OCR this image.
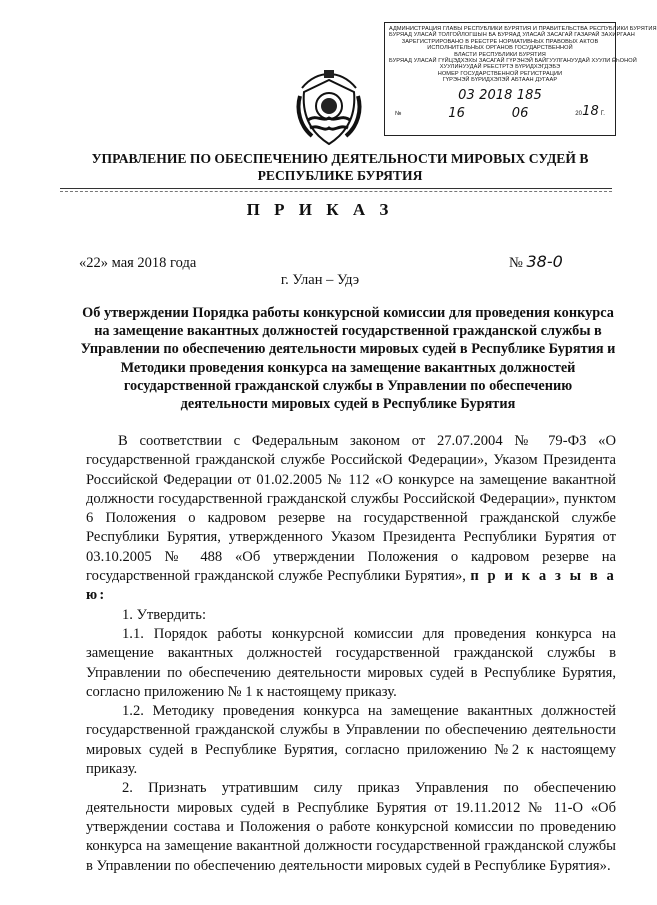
АДМИНИСТРАЦИЯ ГЛАВЫ РЕСПУБЛИКИ БУРЯТИЯ И ПРАВИТЕЛЬСТВА РЕСПУБЛИКИ БУРЯТИЯ
БУРЯАД УЛАСАЙ ТОЛГОЙЛОГШЫН БА БУРЯАД УЛАСАЙ ЗАСАГАЙ ГАЗАРАЙ ЗАХИРГААН
ЗАРЕГИСТРИРОВАНО В РЕЕСТРЕ НОРМАТИВНЫХ ПРАВОВЫХ АКТОВ
ИСПОЛНИТЕЛЬНЫХ ОРГАНОВ ГОСУДАРСТВЕННОЙ
ВЛАСТИ РЕСПУБЛИКИ БУРЯТИЯ
БУРЯАД УЛАСАЙ ГҮЙЦЭДХЭХЫ ЗАСАГАЙ ГҮРЭНЭЙ БАЙГУУЛГАНУУДАЙ ХУУЛИ ЁҺОНОЙ
ХУУЛИНУУДАЙ РЕЕСТРТЭ БҮРИДХЭГДЭБЭ
НОМЕР ГОСУДАРСТВЕННОЙ РЕГИСТРАЦИИ
ГҮРЭНЭЙ БҮРИДХЭЛЭЙ АБТААН ДУГААР
03 2018 185
№	16	06	2018 Г.
УПРАВЛЕНИЕ ПО ОБЕСПЕЧЕНИЮ ДЕЯТЕЛЬНОСТИ МИРОВЫХ СУДЕЙ В
РЕСПУБЛИКЕ БУРЯТИЯ
П Р И К А З
«22» мая 2018 года	№ 38-0
г. Улан – Удэ
Об утверждении Порядка работы конкурсной комиссии для проведения конкурса на замещение вакантных должностей государственной гражданской службы в Управлении по обеспечению деятельности мировых судей в Республике Бурятия и Методики проведения конкурса на замещение вакантных должностей государственной гражданской службы в Управлении по обеспечению деятельности мировых судей в Республике Бурятия

В соответствии с Федеральным законом от 27.07.2004 № 79-ФЗ «О государственной гражданской службе Российской Федерации», Указом Президента Российской Федерации от 01.02.2005 № 112 «О конкурсе на замещение вакантной должности государственной гражданской службы Российской Федерации», пунктом 6 Положения о кадровом резерве на государственной гражданской службе Республики Бурятия, утвержденного Указом Президента Республики Бурятия от 03.10.2005 № 488 «Об утверждении Положения о кадровом резерве на государственной гражданской службе Республики Бурятия», п р и к а з ы в а ю:

1. Утвердить:

1.1. Порядок работы конкурсной комиссии для проведения конкурса на замещение вакантных должностей государственной гражданской службы в Управлении по обеспечению деятельности мировых судей в Республике Бурятия, согласно приложению № 1 к настоящему приказу.

1.2. Методику проведения конкурса на замещение вакантных должностей государственной гражданской службы в Управлении по обеспечению деятельности мировых судей в Республике Бурятия, согласно приложению №2 к настоящему приказу.

2. Признать утратившим силу приказ Управления по обеспечению деятельности мировых судей в Республике Бурятия от 19.11.2012 № 11-О «Об утверждении состава и Положения о работе конкурсной комиссии по проведению конкурса на замещение вакантной должности государственной гражданской службы в Управлении по обеспечению деятельности мировых судей в Республике Бурятия».
